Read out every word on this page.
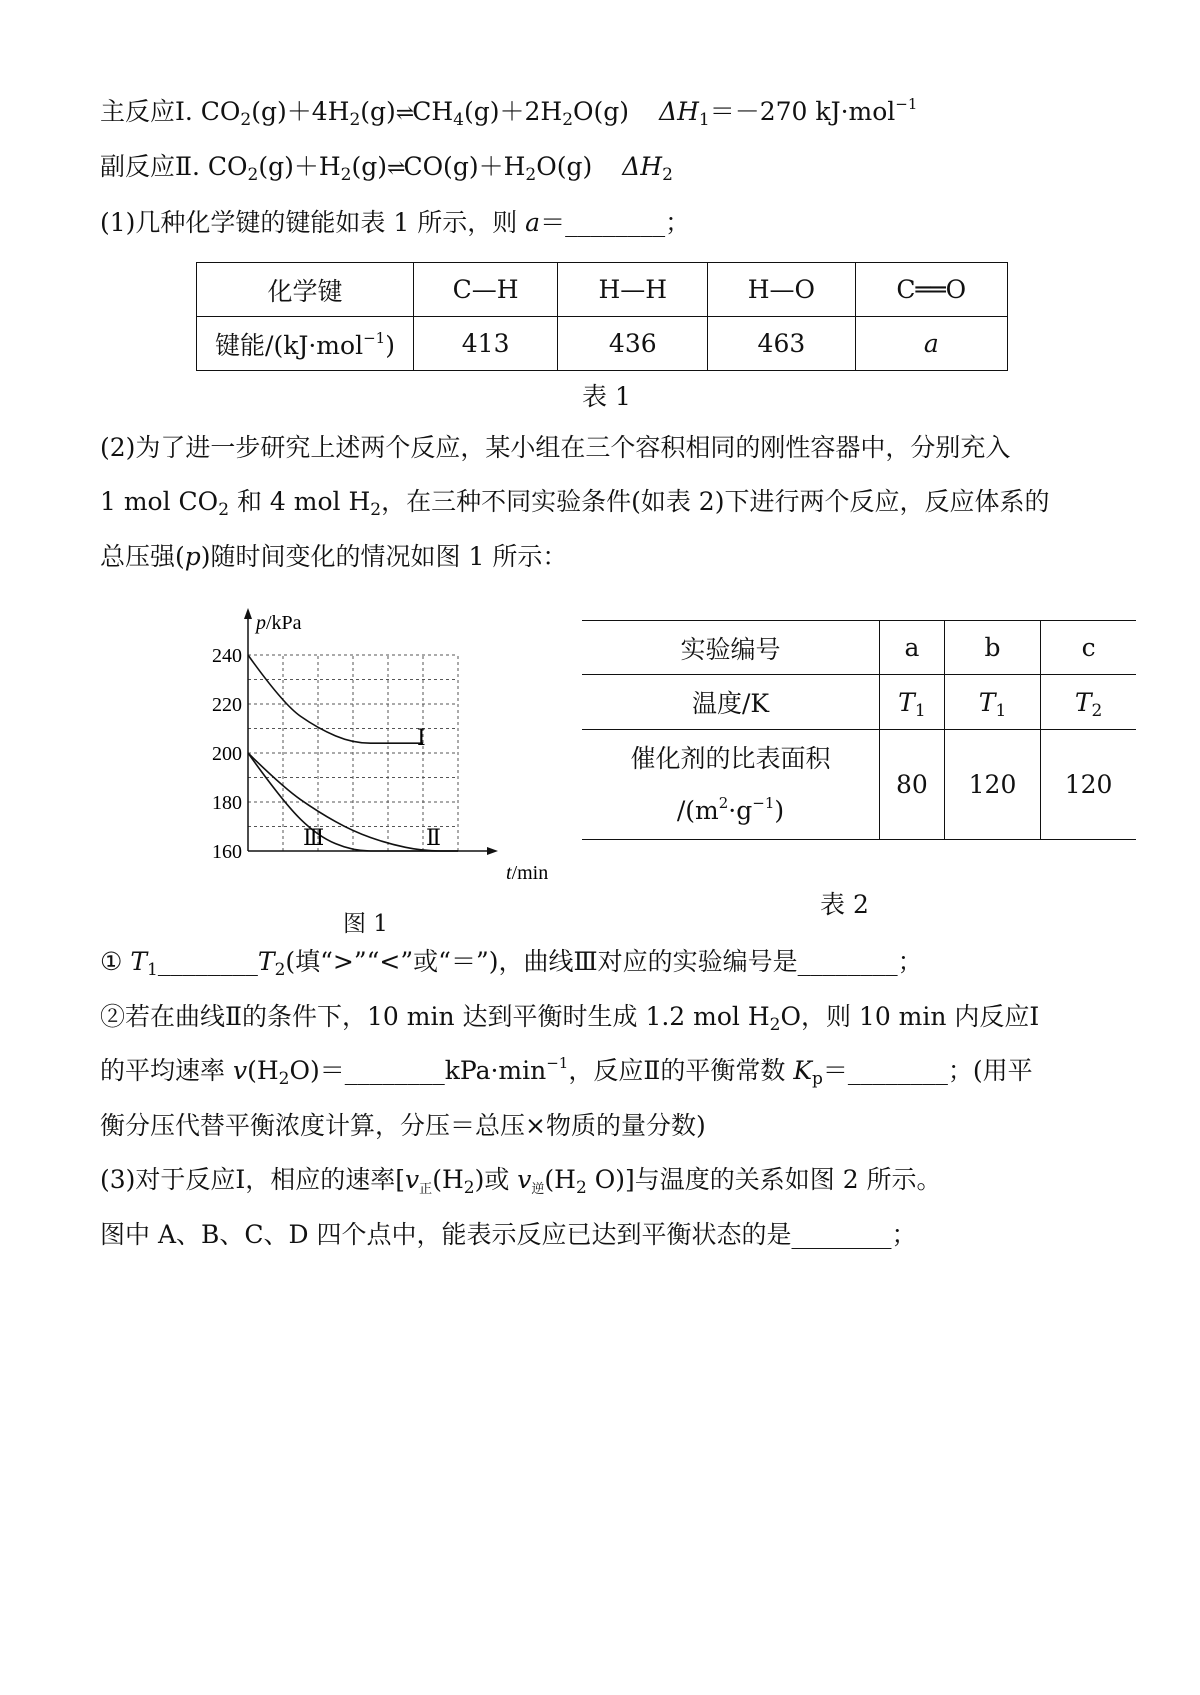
主反应Ⅰ. $CO_2(g)+4H_2(g)\rightleftharpoons CH_4(g)+2H_2O(g)$ $\Delta H_1=-270$ kJ·mol$^{-1}$
副反应Ⅱ. $CO_2(g)+H_2(g)\rightleftharpoons CO(g)+H_2O(g)$ $\Delta H_2$
(1)几种化学键的键能如表 1 所示，则 a＝________；
化学键	C—H	H—H	H—O	C══O
键能/(kJ·mol$^{-1}$)	413	436	463	a
表 1
(2)为了进一步研究上述两个反应，某小组在三个容积相同的刚性容器中，分别充入
1 mol $CO_2$ 和 4 mol $H_2$，在三种不同实验条件(如表 2)下进行两个反应，反应体系的
总压强(p)随时间变化的情况如图 1 所示：
p/kPa
t/min
240
220
200
180
160
Ⅰ
Ⅱ
Ⅲ
图 1
实验编号	a	b	c
温度/K	$T_1$	$T_1$	$T_2$

催化剂的比表面积
$/(m^2\cdot g^{-1})$	80	120	120
表 2
① $T_1\_\_\_\_\_\_\_\_T_2$(填“>”“<”或“＝”)，曲线Ⅲ对应的实验编号是________；
②若在曲线Ⅱ的条件下，10 min 达到平衡时生成 1.2 mol $H_2O$，则 10 min 内反应Ⅰ
的平均速率 $v(H_2O)=\_\_\_\_\_\_\_\_kPa\cdot\min^{-1}$，反应Ⅱ的平衡常数 $K_p=\_\_\_\_\_\_\_\_$；(用平
衡分压代替平衡浓度计算，分压＝总压×物质的量分数)
(3)对于反应Ⅰ，相应的速率[$v_正(H_2)$或 $v_逆(H_2$ O)]与温度的关系如图 2 所示。
图中 A、B、C、D 四个点中，能表示反应已达到平衡状态的是________；
